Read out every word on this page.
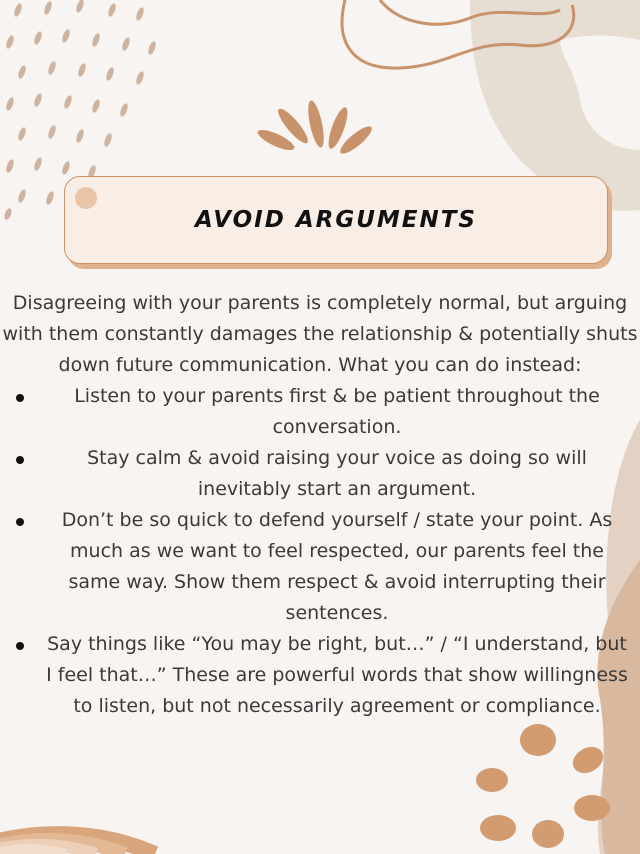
AVOID ARGUMENTS

Disagreeing with your parents is completely normal, but arguing with them constantly damages the relationship & potentially shuts down future communication. What you can do instead:

Listen to your parents first & be patient throughout the conversation.
Stay calm & avoid raising your voice as doing so will inevitably start an argument.
Don’t be so quick to defend yourself / state your point. As much as we want to feel respected, our parents feel the same way. Show them respect & avoid interrupting their sentences.
Say things like “You may be right, but…” / “I understand, but I feel that…” These are powerful words that show willingness to listen, but not necessarily agreement or compliance.
